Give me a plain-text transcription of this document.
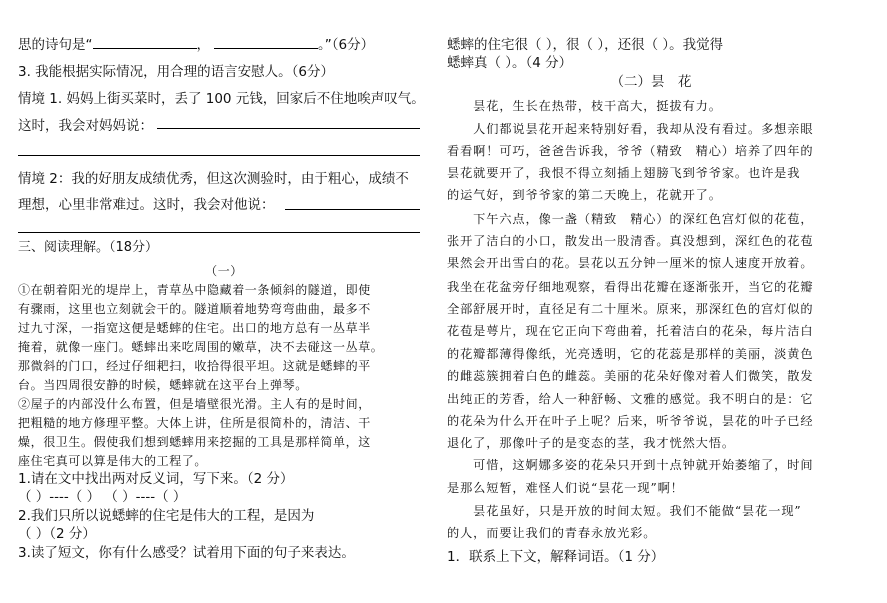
思的诗句是“	，	。”（6分）
3. 我能根据实际情况，用合理的语言安慰人。（6分）
情境 1. 妈妈上街买菜时，丢了 100 元钱，回家后不住地唉声叹气。
这时，我会对妈妈说：
情境 2：我的好朋友成绩优秀，但这次测验时，由于粗心，成绩不
理想，心里非常难过。这时，我会对他说：
三、阅读理解。（18分）
（一）
①在朝着阳光的堤岸上，青草丛中隐藏着一条倾斜的隧道，即使
有骤雨，这里也立刻就会干的。隧道顺着地势弯弯曲曲，最多不
过九寸深，一指宽这便是蟋蟀的住宅。出口的地方总有一丛草半
掩着，就像一座门。蟋蟀出来吃周围的嫩草，决不去碰这一丛草。
那微斜的门口，经过仔细耙扫，收拾得很平坦。这就是蟋蟀的平
台。当四周很安静的时候，蟋蟀就在这平台上弹琴。
②屋子的内部没什么布置，但是墙壁很光滑。主人有的是时间，
把粗糙的地方修理平整。大体上讲，住所是很简朴的，清洁、干
燥，很卫生。假使我们想到蟋蟀用来挖掘的工具是那样简单，这
座住宅真可以算是伟大的工程了。
1.请在文中找出两对反义词，写下来。（2 分）
（ ）----（ ） （ ）----（ ）
2.我们只所以说蟋蟀的住宅是伟大的工程，是因为
（ ）（2 分）
3.读了短文，你有什么感受？试着用下面的句子来表达。
蟋蟀的住宅很（ ），很（ ），还很（ ）。我觉得
蟋蟀真（ ）。（4 分）
（二）昙　花
　　昙花，生长在热带，枝干高大，挺拔有力。
　　人们都说昙花开起来特别好看，我却从没有看过。多想亲眼
看看啊！可巧，爸爸告诉我，爷爷（精致　精心）培养了四年的
昙花就要开了，我恨不得立刻插上翅膀飞到爷爷家。也许是我
的运气好，到爷爷家的第二天晚上，花就开了。
　　下午六点，像一盏（精致　精心）的深红色宫灯似的花苞，
张开了洁白的小口，散发出一股清香。真没想到，深红色的花苞
果然会开出雪白的花。昙花以五分钟一厘米的惊人速度开放着。
我坐在花盆旁仔细地观察，看得出花瓣在逐渐张开，当它的花瓣
全部舒展开时，直径足有二十厘米。原来，那深红色的宫灯似的
花苞是萼片，现在它正向下弯曲着，托着洁白的花朵，每片洁白
的花瓣都薄得像纸，光亮透明，它的花蕊是那样的美丽，淡黄色
的雌蕊簇拥着白色的雌蕊。美丽的花朵好像对着人们微笑，散发
出纯正的芳香，给人一种舒畅、文雅的感觉。我不明白的是：它
的花朵为什么开在叶子上呢？后来，听爷爷说，昙花的叶子已经
退化了，那像叶子的是变态的茎，我才恍然大悟。
　　可惜，这婀娜多姿的花朵只开到十点钟就开始萎缩了，时间
是那么短暂，难怪人们说“昙花一现”啊！
　　昙花虽好，只是开放的时间太短。我们不能做“昙花一现”
的人，而要让我们的青春永放光彩。
1．联系上下文，解释词语。（1 分）
